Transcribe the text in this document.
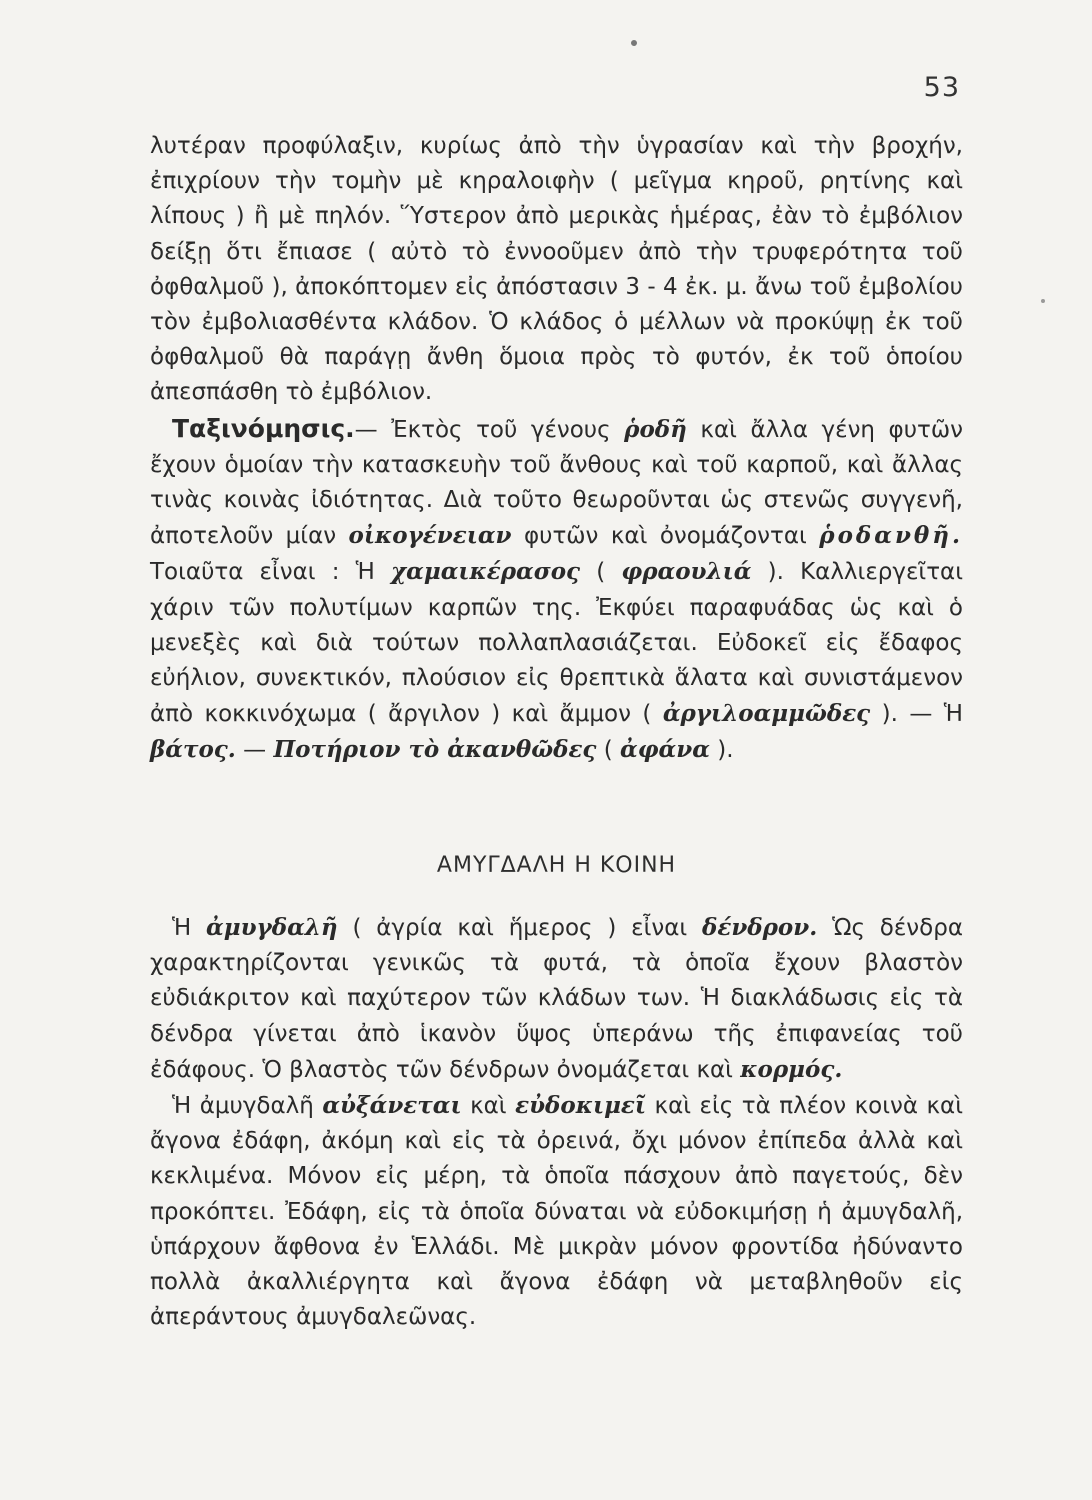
53

λυτέραν προφύλαξιν, κυρίως ἀπὸ τὴν ὑγρασίαν καὶ τὴν βροχήν, ἐπιχρίουν τὴν τομὴν μὲ κηραλοιφὴν ( μεῖγμα κηροῦ, ρητίνης καὶ λίπους ) ἢ μὲ πηλόν. Ὕστερον ἀπὸ μερικὰς ἡμέρας, ἐὰν τὸ ἐμβόλιον δείξῃ ὅτι ἔπιασε ( αὐτὸ τὸ ἐννοοῦμεν ἀπὸ τὴν τρυφερότητα τοῦ ὀφθαλμοῦ ), ἀποκόπτομεν εἰς ἀπόστασιν 3 - 4 ἐκ. μ. ἄνω τοῦ ἐμβολίου τὸν ἐμβολιασθέντα κλάδον. Ὁ κλάδος ὁ μέλλων νὰ προκύψῃ ἐκ τοῦ ὀφθαλμοῦ θὰ παράγῃ ἄνθη ὅμοια πρὸς τὸ φυτόν, ἐκ τοῦ ὁποίου ἀπεσπάσθη τὸ ἐμβόλιον.

Ταξινόμησις.— Ἐκτὸς τοῦ γένους ῥοδῆ καὶ ἄλλα γένη φυτῶν ἔχουν ὁμοίαν τὴν κατασκευὴν τοῦ ἄνθους καὶ τοῦ καρποῦ, καὶ ἄλλας τινὰς κοινὰς ἰδιότητας. Διὰ τοῦτο θεωροῦνται ὡς στενῶς συγγενῆ, ἀποτελοῦν μίαν οἰκογένειαν φυτῶν καὶ ὀνομάζονται ῥοδανθῆ. Τοιαῦτα εἶναι : Ἡ χαμαικέρασος ( φραουλιά ). Καλλιεργεῖται χάριν τῶν πολυτίμων καρπῶν της. Ἐκφύει παραφυάδας ὡς καὶ ὁ μενεξὲς καὶ διὰ τούτων πολλαπλασιάζεται. Εὐδοκεῖ εἰς ἔδαφος εὐήλιον, συνεκτικόν, πλούσιον εἰς θρεπτικὰ ἅλατα καὶ συνιστάμενον ἀπὸ κοκκινόχωμα ( ἄργιλον ) καὶ ἄμμον ( ἀργιλοαμμῶδες ). — Ἡ βάτος. — Ποτήριον τὸ ἀκανθῶδες ( ἀφάνα ).

ΑΜΥΓΔΑΛΗ Η ΚΟΙΝΗ

Ἡ ἀμυγδαλῆ ( ἀγρία καὶ ἥμερος ) εἶναι δένδρον. Ὡς δένδρα χαρακτηρίζονται γενικῶς τὰ φυτά, τὰ ὁποῖα ἔχουν βλαστὸν εὐδιάκριτον καὶ παχύτερον τῶν κλάδων των. Ἡ διακλάδωσις εἰς τὰ δένδρα γίνεται ἀπὸ ἱκανὸν ὕψος ὑπεράνω τῆς ἐπιφανείας τοῦ ἐδάφους. Ὁ βλαστὸς τῶν δένδρων ὀνομάζεται καὶ κορμός.

Ἡ ἀμυγδαλῆ αὐξάνεται καὶ εὐδοκιμεῖ καὶ εἰς τὰ πλέον κοινὰ καὶ ἄγονα ἐδάφη, ἀκόμη καὶ εἰς τὰ ὀρεινά, ὄχι μόνον ἐπίπεδα ἀλλὰ καὶ κεκλιμένα. Μόνον εἰς μέρη, τὰ ὁποῖα πάσχουν ἀπὸ παγετούς, δὲν προκόπτει. Ἐδάφη, εἰς τὰ ὁποῖα δύναται νὰ εὐδοκιμήσῃ ἡ ἀμυγδαλῆ, ὑπάρχουν ἄφθονα ἐν Ἑλλάδι. Μὲ μικρὰν μόνον φροντίδα ἠδύναντο πολλὰ ἀκαλλιέργητα καὶ ἄγονα ἐδάφη νὰ μεταβληθοῦν εἰς ἀπεράντους ἀμυγδαλεῶνας.
